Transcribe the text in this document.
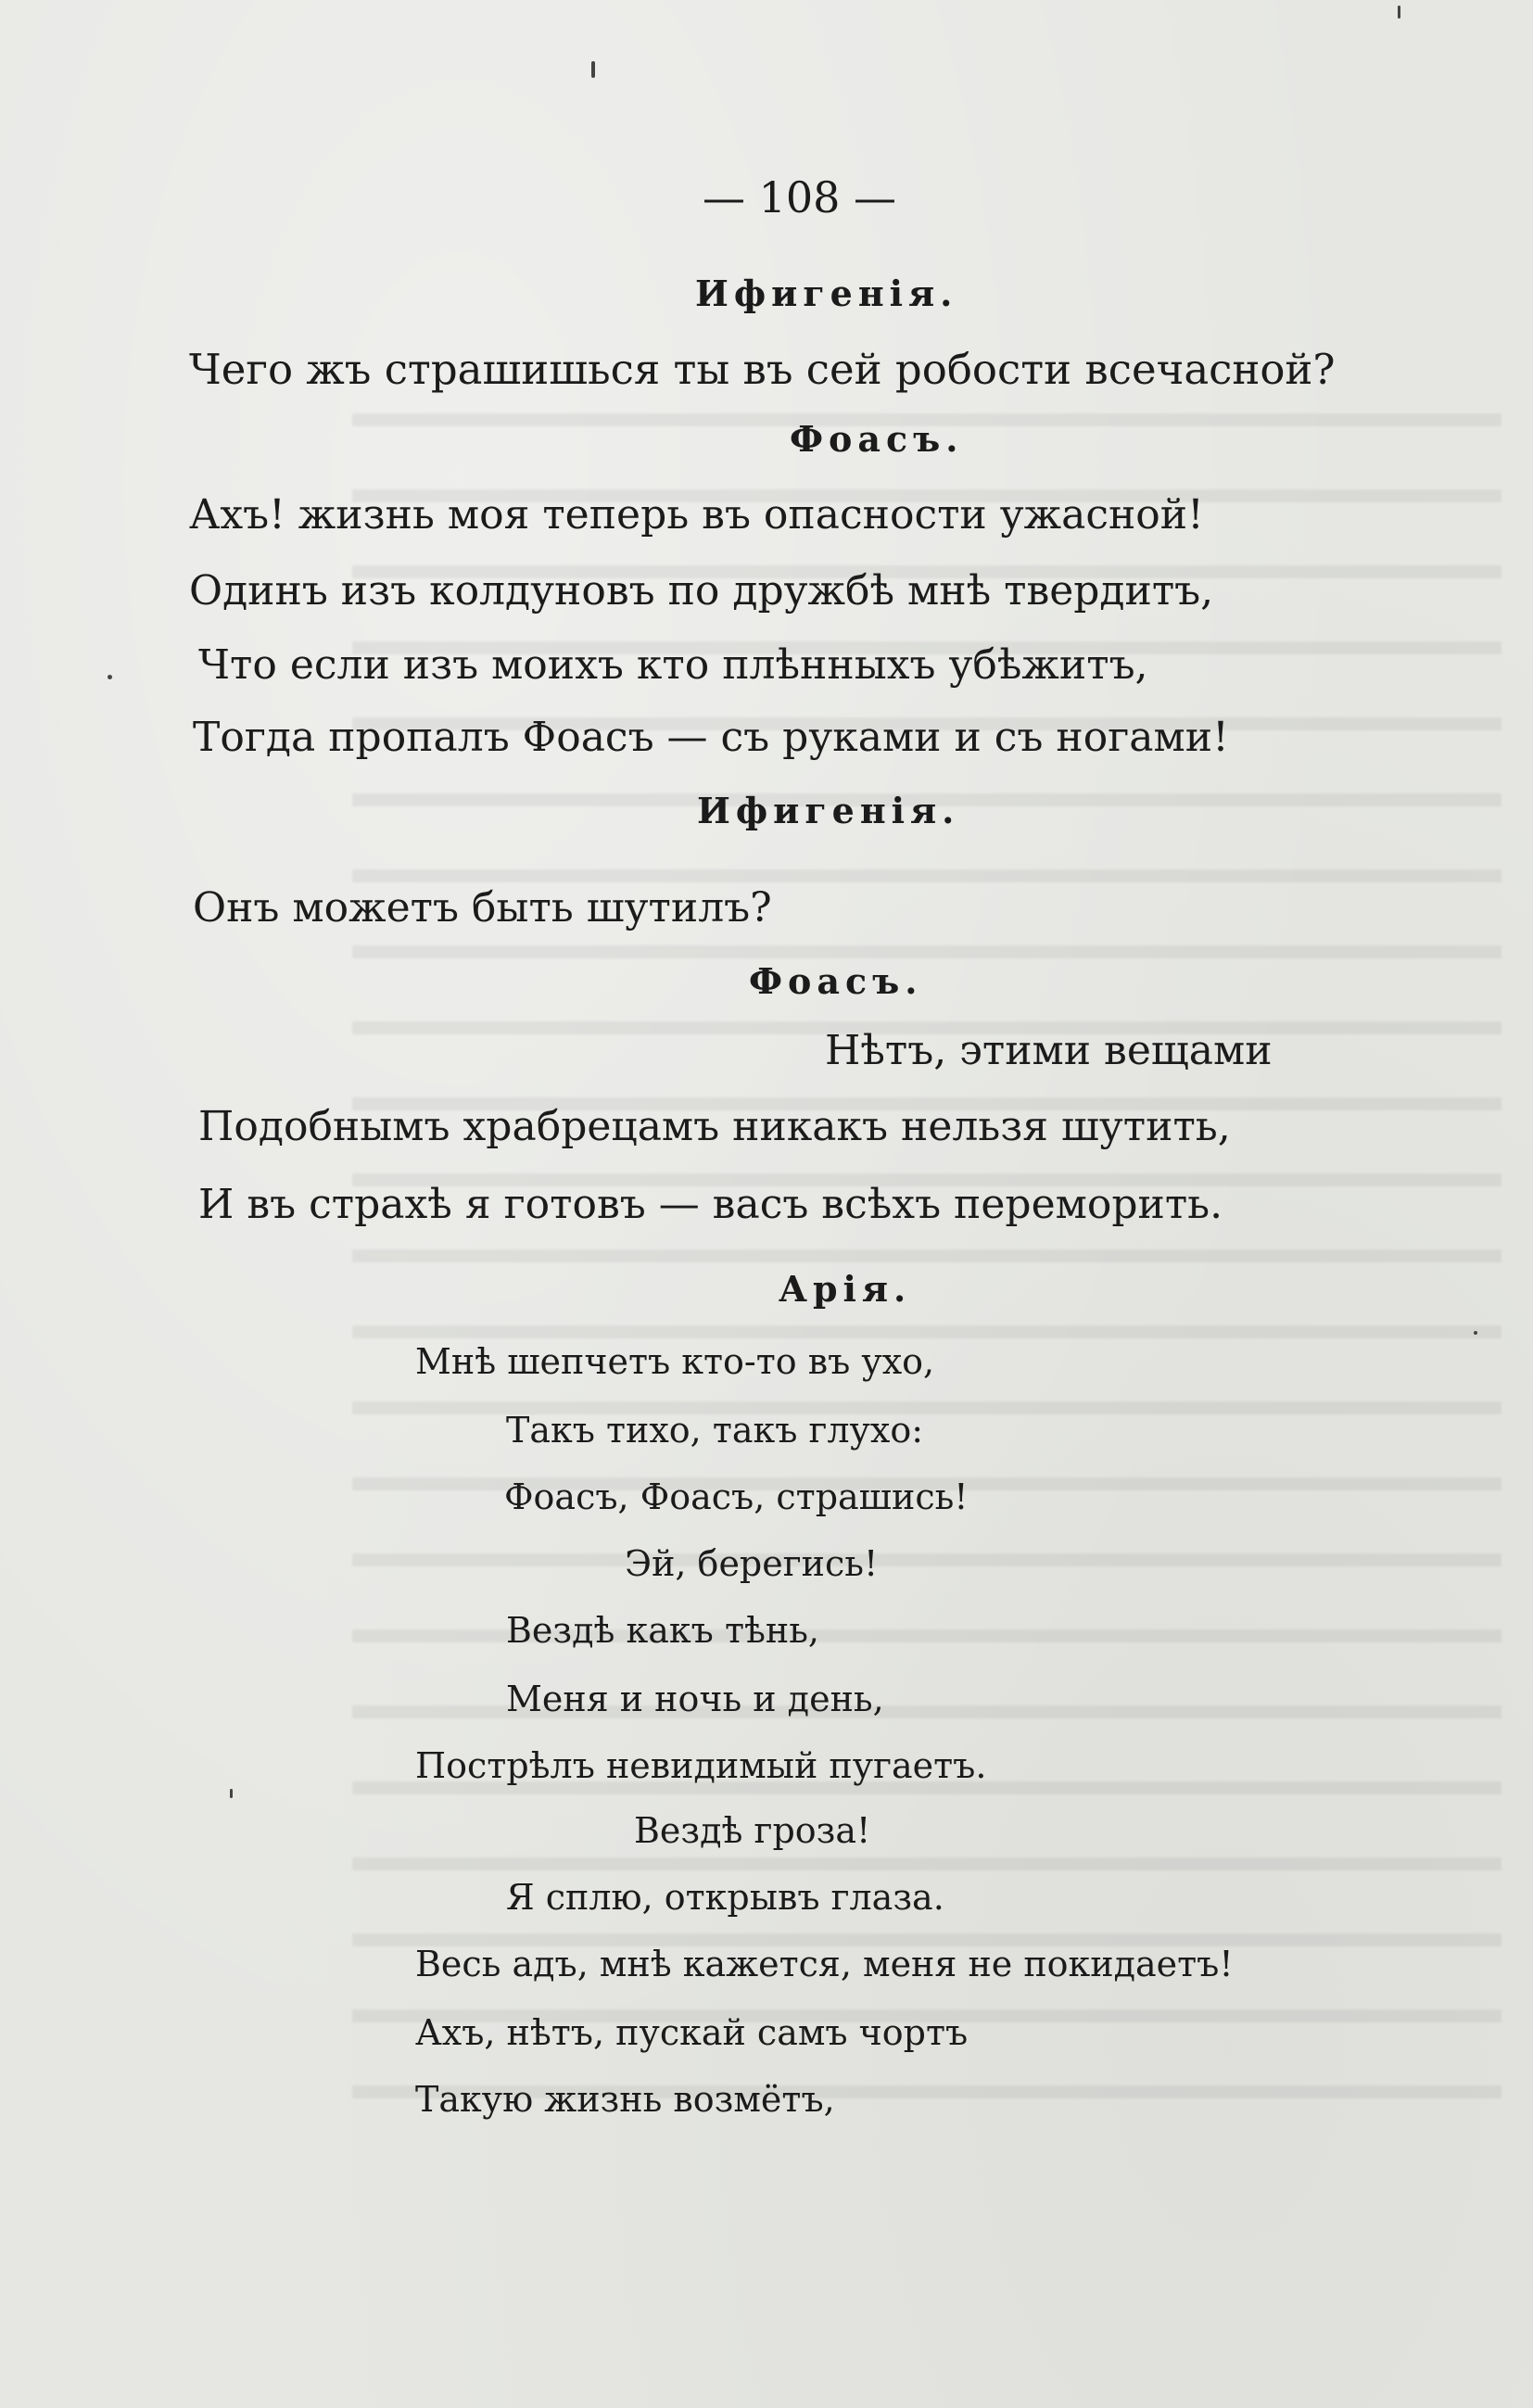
— 108 —
Ифигенія.
Чего жъ страшишься ты въ сей робости всечасной?
Фоасъ.
Ахъ! жизнь моя теперь въ опасности ужасной!
Одинъ изъ колдуновъ по дружбѣ мнѣ твердитъ,
Что если изъ моихъ кто плѣнныхъ убѣжитъ,
Тогда пропалъ Фоасъ — съ руками и съ ногами!
Ифигенія.
Онъ можетъ быть шутилъ?
Фоасъ.
Нѣтъ, этими вещами
Подобнымъ храбрецамъ никакъ нельзя шутить,
И въ страхѣ я готовъ — васъ всѣхъ переморить.
Арія.
Мнѣ шепчетъ кто-то въ ухо,
Такъ тихо, такъ глухо:
Фоасъ, Фоасъ, страшись!
Эй, берегись!
Вездѣ какъ тѣнь,
Меня и ночь и день,
Пострѣлъ невидимый пугаетъ.
Вездѣ гроза!
Я сплю, открывъ глаза.
Весь адъ, мнѣ кажется, меня не покидаетъ!
Ахъ, нѣтъ, пускай самъ чортъ
Такую жизнь возмётъ,
